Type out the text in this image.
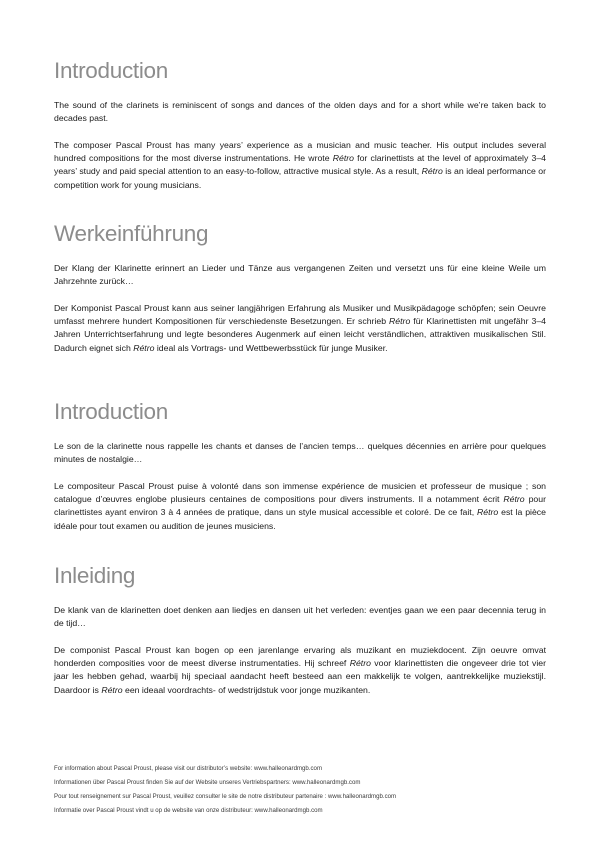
Introduction

The sound of the clarinets is reminiscent of songs and dances of the olden days and for a short while we’re taken back to decades past.

The composer Pascal Proust has many years’ experience as a musician and music teacher. His output includes several hundred compositions for the most diverse instrumentations. He wrote Rétro for clarinettists at the level of approximately 3–4 years’ study and paid special attention to an easy-to-follow, attractive musical style. As a result, Rétro is an ideal performance or competition work for young musicians.

Werkeinführung

Der Klang der Klarinette erinnert an Lieder und Tänze aus vergangenen Zeiten und versetzt uns für eine kleine Weile um Jahrzehnte zurück…

Der Komponist Pascal Proust kann aus seiner langjährigen Erfahrung als Musiker und Musikpädagoge schöpfen; sein Oeuvre umfasst mehrere hundert Kompositionen für verschiedenste Besetzungen. Er schrieb Rétro für Klarinettisten mit ungefähr 3–4 Jahren Unterrichtserfahrung und legte besonderes Augenmerk auf einen leicht verständlichen, attraktiven musikalischen Stil. Dadurch eignet sich Rétro ideal als Vortrags- und Wettbewerbsstück für junge Musiker.

Introduction

Le son de la clarinette nous rappelle les chants et danses de l’ancien temps… quelques décennies en arrière pour quelques minutes de nostalgie…

Le compositeur Pascal Proust puise à volonté dans son immense expérience de musicien et professeur de musique ; son catalogue d’œuvres englobe plusieurs centaines de compositions pour divers instruments. Il a notamment écrit Rétro pour clarinettistes ayant environ 3 à 4 années de pratique, dans un style musical accessible et coloré. De ce fait, Rétro est la pièce idéale pour tout examen ou audition de jeunes musiciens.

Inleiding

De klank van de klarinetten doet denken aan liedjes en dansen uit het verleden: eventjes gaan we een paar decennia terug in de tijd…

De componist Pascal Proust kan bogen op een jarenlange ervaring als muzikant en muziekdocent. Zijn oeuvre omvat honderden composities voor de meest diverse instrumentaties. Hij schreef Rétro voor klarinettisten die ongeveer drie tot vier jaar les hebben gehad, waarbij hij speciaal aandacht heeft besteed aan een makkelijk te volgen, aantrekkelijke muziekstijl. Daardoor is Rétro een ideaal voordrachts- of wedstrijdstuk voor jonge muzikanten.

For information about Pascal Proust, please visit our distributor’s website: www.halleonardmgb.com
Informationen über Pascal Proust finden Sie auf der Website unseres Vertriebspartners: www.halleonardmgb.com
Pour tout renseignement sur Pascal Proust, veuillez consulter le site de notre distributeur partenaire : www.halleonardmgb.com
Informatie over Pascal Proust vindt u op de website van onze distributeur: www.halleonardmgb.com
